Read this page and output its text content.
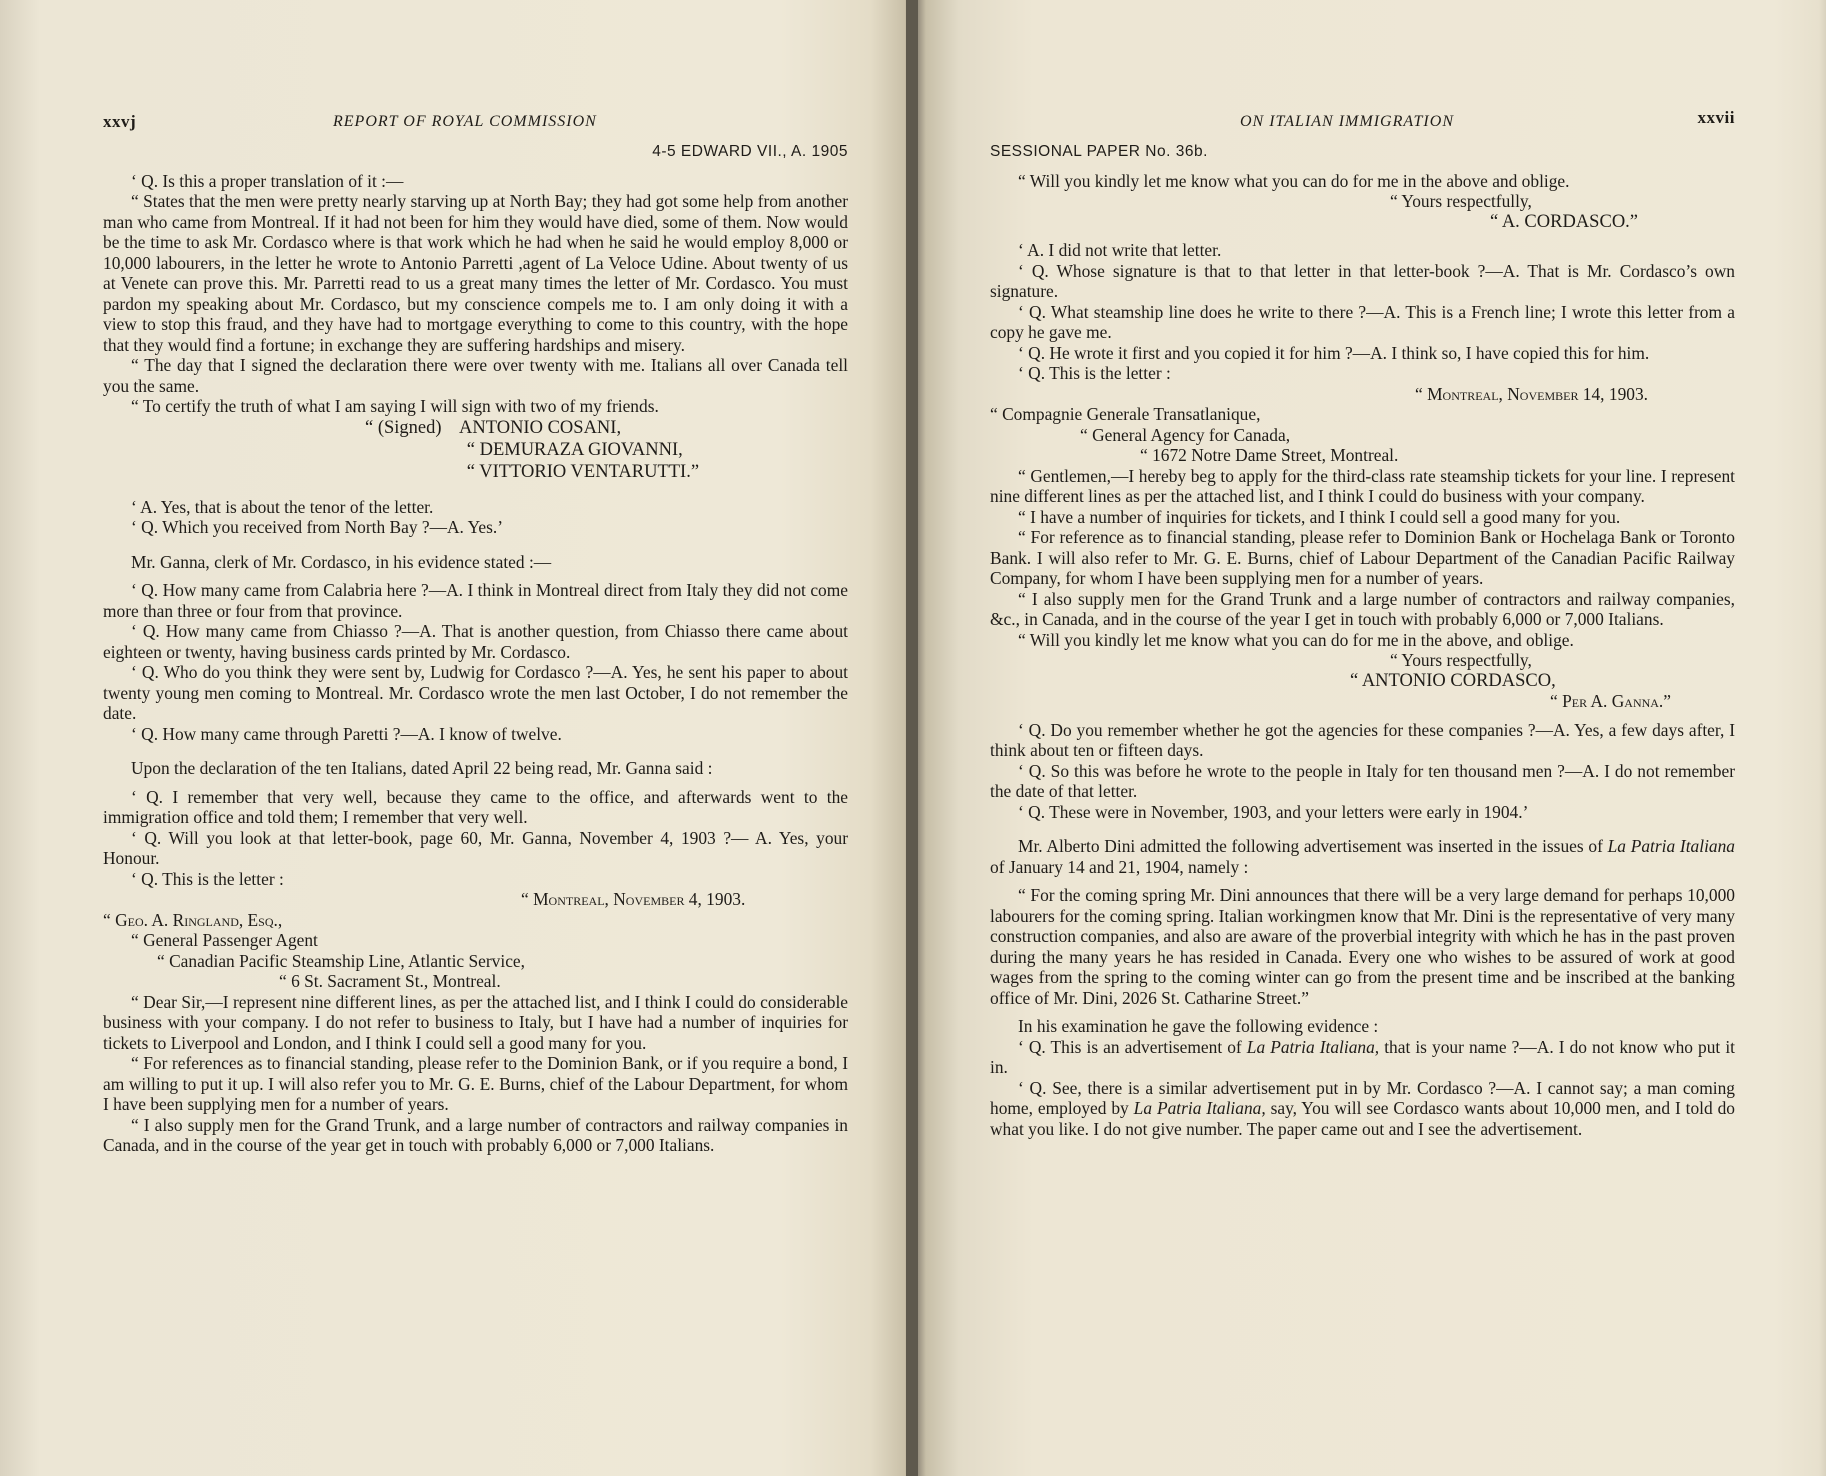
xxvj	REPORT OF ROYAL COMMISSION
4-5 EDWARD VII., A. 1905

‘ Q. Is this a proper translation of it :—

“ States that the men were pretty nearly starving up at North Bay; they had got some help from another man who came from Montreal. If it had not been for him they would have died, some of them. Now would be the time to ask Mr. Cordasco where is that work which he had when he said he would employ 8,000 or 10,000 labourers, in the letter he wrote to Antonio Parretti ,agent of La Veloce Udine. About twenty of us at Venete can prove this. Mr. Parretti read to us a great many times the letter of Mr. Cordasco. You must pardon my speaking about Mr. Cordasco, but my conscience compels me to. I am only doing it with a view to stop this fraud, and they have had to mortgage everything to come to this country, with the hope that they would find a fortune; in exchange they are suffering hardships and misery.

“ The day that I signed the declaration there were over twenty with me. Italians all over Canada tell you the same.

“ To certify the truth of what I am saying I will sign with two of my friends.

“ (Signed)    ANTONIO COSANI,
“ DEMURAZA GIOVANNI,
“ VITTORIO VENTARUTTI.”

‘ A. Yes, that is about the tenor of the letter.

‘ Q. Which you received from North Bay ?—A. Yes.’

Mr. Ganna, clerk of Mr. Cordasco, in his evidence stated :—

‘ Q. How many came from Calabria here ?—A. I think in Montreal direct from Italy they did not come more than three or four from that province.

‘ Q. How many came from Chiasso ?—A. That is another question, from Chiasso there came about eighteen or twenty, having business cards printed by Mr. Cordasco.

‘ Q. Who do you think they were sent by, Ludwig for Cordasco ?—A. Yes, he sent his paper to about twenty young men coming to Montreal. Mr. Cordasco wrote the men last October, I do not remember the date.

‘ Q. How many came through Paretti ?—A. I know of twelve.

Upon the declaration of the ten Italians, dated April 22 being read, Mr. Ganna said :

‘ Q. I remember that very well, because they came to the office, and afterwards went to the immigration office and told them; I remember that very well.

‘ Q. Will you look at that letter-book, page 60, Mr. Ganna, November 4, 1903 ?— A. Yes, your Honour.

‘ Q. This is the letter :

“ Montreal, November 4, 1903.

“ Geo. A. Ringland, Esq.,

“ General Passenger Agent

“ Canadian Pacific Steamship Line, Atlantic Service,

“ 6 St. Sacrament St., Montreal.

“ Dear Sir,—I represent nine different lines, as per the attached list, and I think I could do considerable business with your company. I do not refer to business to Italy, but I have had a number of inquiries for tickets to Liverpool and London, and I think I could sell a good many for you.

“ For references as to financial standing, please refer to the Dominion Bank, or if you require a bond, I am willing to put it up. I will also refer you to Mr. G. E. Burns, chief of the Labour Department, for whom I have been supplying men for a number of years.

“ I also supply men for the Grand Trunk, and a large number of contractors and railway companies in Canada, and in the course of the year get in touch with probably 6,000 or 7,000 Italians.

ON ITALIAN IMMIGRATION	xxvii
SESSIONAL PAPER No. 36b.

“ Will you kindly let me know what you can do for me in the above and oblige.

“ Yours respectfully,

“ A. CORDASCO.”

‘ A. I did not write that letter.

‘ Q. Whose signature is that to that letter in that letter-book ?—A. That is Mr. Cordasco’s own signature.

‘ Q. What steamship line does he write to there ?—A. This is a French line; I wrote this letter from a copy he gave me.

‘ Q. He wrote it first and you copied it for him ?—A. I think so, I have copied this for him.

‘ Q. This is the letter :

“ Montreal, November 14, 1903.

“ Compagnie Generale Transatlanique,

“ General Agency for Canada,

“ 1672 Notre Dame Street, Montreal.

“ Gentlemen,—I hereby beg to apply for the third-class rate steamship tickets for your line. I represent nine different lines as per the attached list, and I think I could do business with your company.

“ I have a number of inquiries for tickets, and I think I could sell a good many for you.

“ For reference as to financial standing, please refer to Dominion Bank or Hochelaga Bank or Toronto Bank. I will also refer to Mr. G. E. Burns, chief of Labour Department of the Canadian Pacific Railway Company, for whom I have been supplying men for a number of years.

“ I also supply men for the Grand Trunk and a large number of contractors and railway companies, &c., in Canada, and in the course of the year I get in touch with probably 6,000 or 7,000 Italians.

“ Will you kindly let me know what you can do for me in the above, and oblige.

“ Yours respectfully,

“ ANTONIO CORDASCO,

“ Per A. Ganna.”

‘ Q. Do you remember whether he got the agencies for these companies ?—A. Yes, a few days after, I think about ten or fifteen days.

‘ Q. So this was before he wrote to the people in Italy for ten thousand men ?—A. I do not remember the date of that letter.

‘ Q. These were in November, 1903, and your letters were early in 1904.’

Mr. Alberto Dini admitted the following advertisement was inserted in the issues of La Patria Italiana of January 14 and 21, 1904, namely :

“ For the coming spring Mr. Dini announces that there will be a very large demand for perhaps 10,000 labourers for the coming spring. Italian workingmen know that Mr. Dini is the representative of very many construction companies, and also are aware of the proverbial integrity with which he has in the past proven during the many years he has resided in Canada. Every one who wishes to be assured of work at good wages from the spring to the coming winter can go from the present time and be inscribed at the banking office of Mr. Dini, 2026 St. Catharine Street.”

In his examination he gave the following evidence :

‘ Q. This is an advertisement of La Patria Italiana, that is your name ?—A. I do not know who put it in.

‘ Q. See, there is a similar advertisement put in by Mr. Cordasco ?—A. I cannot say; a man coming home, employed by La Patria Italiana, say, You will see Cordasco wants about 10,000 men, and I told do what you like. I do not give number. The paper came out and I see the advertisement.
